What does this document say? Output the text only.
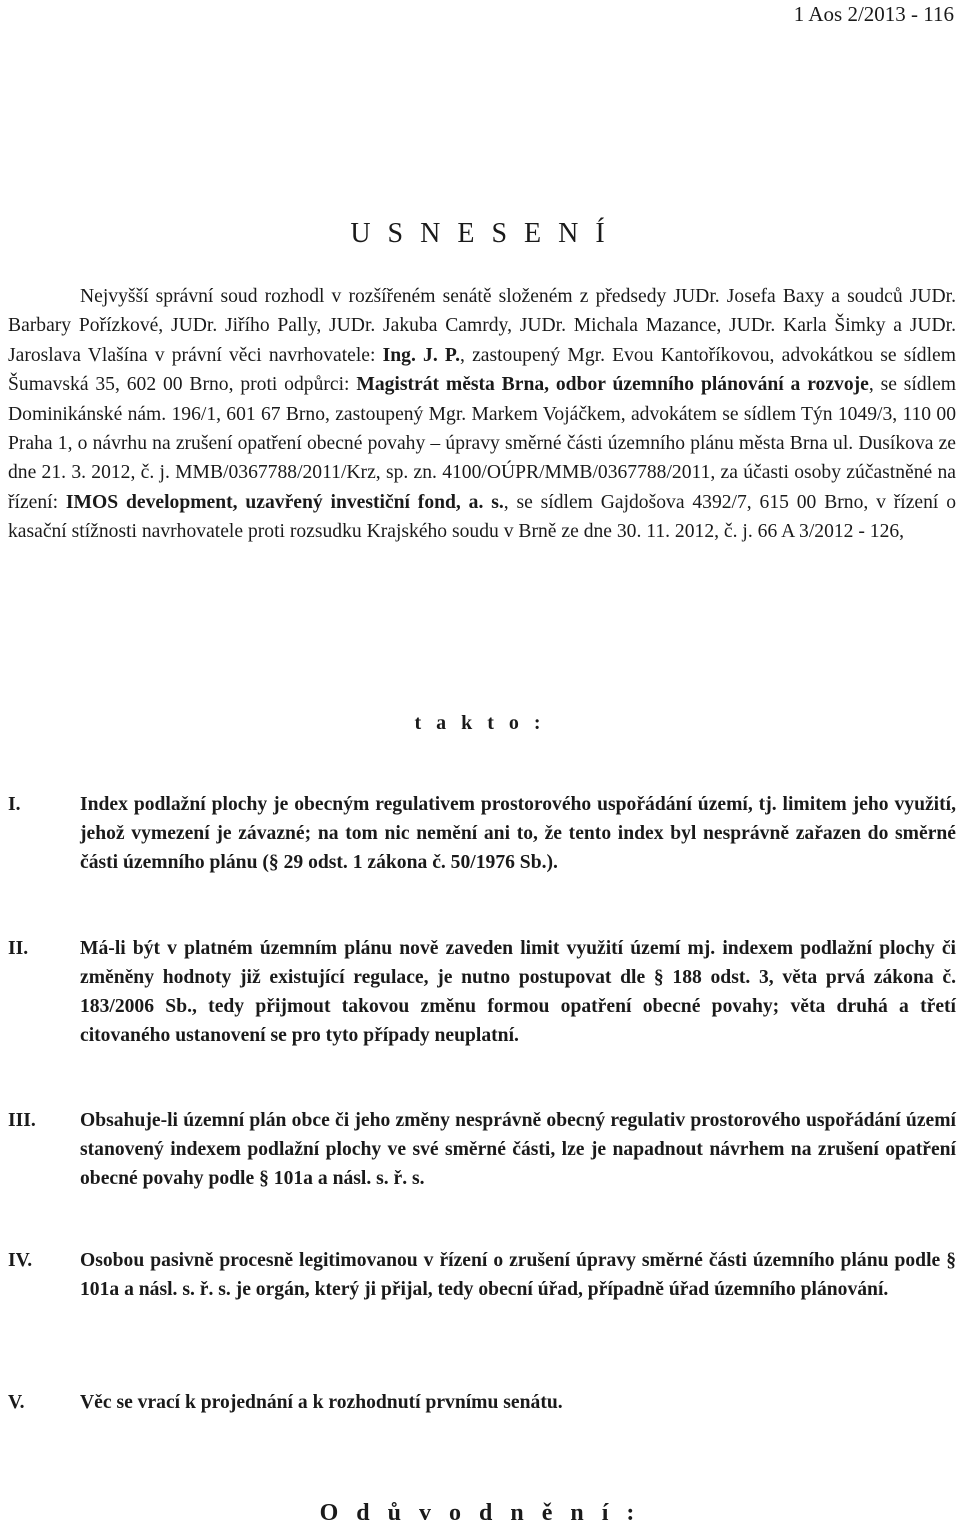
1 Aos 2/2013 - 116
U S N E S E N Í
Nejvyšší správní soud rozhodl v rozšířeném senátě složeném z předsedy JUDr. Josefa Baxy a soudců JUDr. Barbary Pořízkové, JUDr. Jiřího Pally, JUDr. Jakuba Camrdy, JUDr. Michala Mazance, JUDr. Karla Šimky a JUDr. Jaroslava Vlašína v právní věci navrhovatele: Ing. J. P., zastoupený Mgr. Evou Kantoříkovou, advokátkou se sídlem Šumavská 35, 602 00 Brno, proti odpůrci: Magistrát města Brna, odbor územního plánování a rozvoje, se sídlem Dominikánské nám. 196/1, 601 67 Brno, zastoupený Mgr. Markem Vojáčkem, advokátem se sídlem Týn 1049/3, 110 00 Praha 1, o návrhu na zrušení opatření obecné povahy – úpravy směrné části územního plánu města Brna ul. Dusíkova ze dne 21. 3. 2012, č. j. MMB/0367788/2011/Krz, sp. zn. 4100/OÚPR/MMB/0367788/2011, za účasti osoby zúčastněné na řízení: IMOS development, uzavřený investiční fond, a. s., se sídlem Gajdošova 4392/7, 615 00 Brno, v řízení o kasační stížnosti navrhovatele proti rozsudku Krajského soudu v Brně ze dne 30. 11. 2012, č. j. 66 A 3/2012 - 126,
t a k t o :
I.	Index podlažní plochy je obecným regulativem prostorového uspořádání území, tj. limitem jeho využití, jehož vymezení je závazné; na tom nic nemění ani to, že tento index byl nesprávně zařazen do směrné části územního plánu (§ 29 odst. 1 zákona č. 50/1976 Sb.).
II.	Má-li být v platném územním plánu nově zaveden limit využití území mj. indexem podlažní plochy či změněny hodnoty již existující regulace, je nutno postupovat dle § 188 odst. 3, věta prvá zákona č. 183/2006 Sb., tedy přijmout takovou změnu formou opatření obecné povahy; věta druhá a třetí citovaného ustanovení se pro tyto případy neuplatní.
III.	Obsahuje-li územní plán obce či jeho změny nesprávně obecný regulativ prostorového uspořádání území stanovený indexem podlažní plochy ve své směrné části, lze je napadnout návrhem na zrušení opatření obecné povahy podle § 101a a násl. s. ř. s.
IV.	Osobou pasivně procesně legitimovanou v řízení o zrušení úpravy směrné části územního plánu podle § 101a a násl. s. ř. s. je orgán, který ji přijal, tedy obecní úřad, případně úřad územního plánování.
V.	Věc se vrací k projednání a k rozhodnutí prvnímu senátu.
O d ů v o d n ě n í :
